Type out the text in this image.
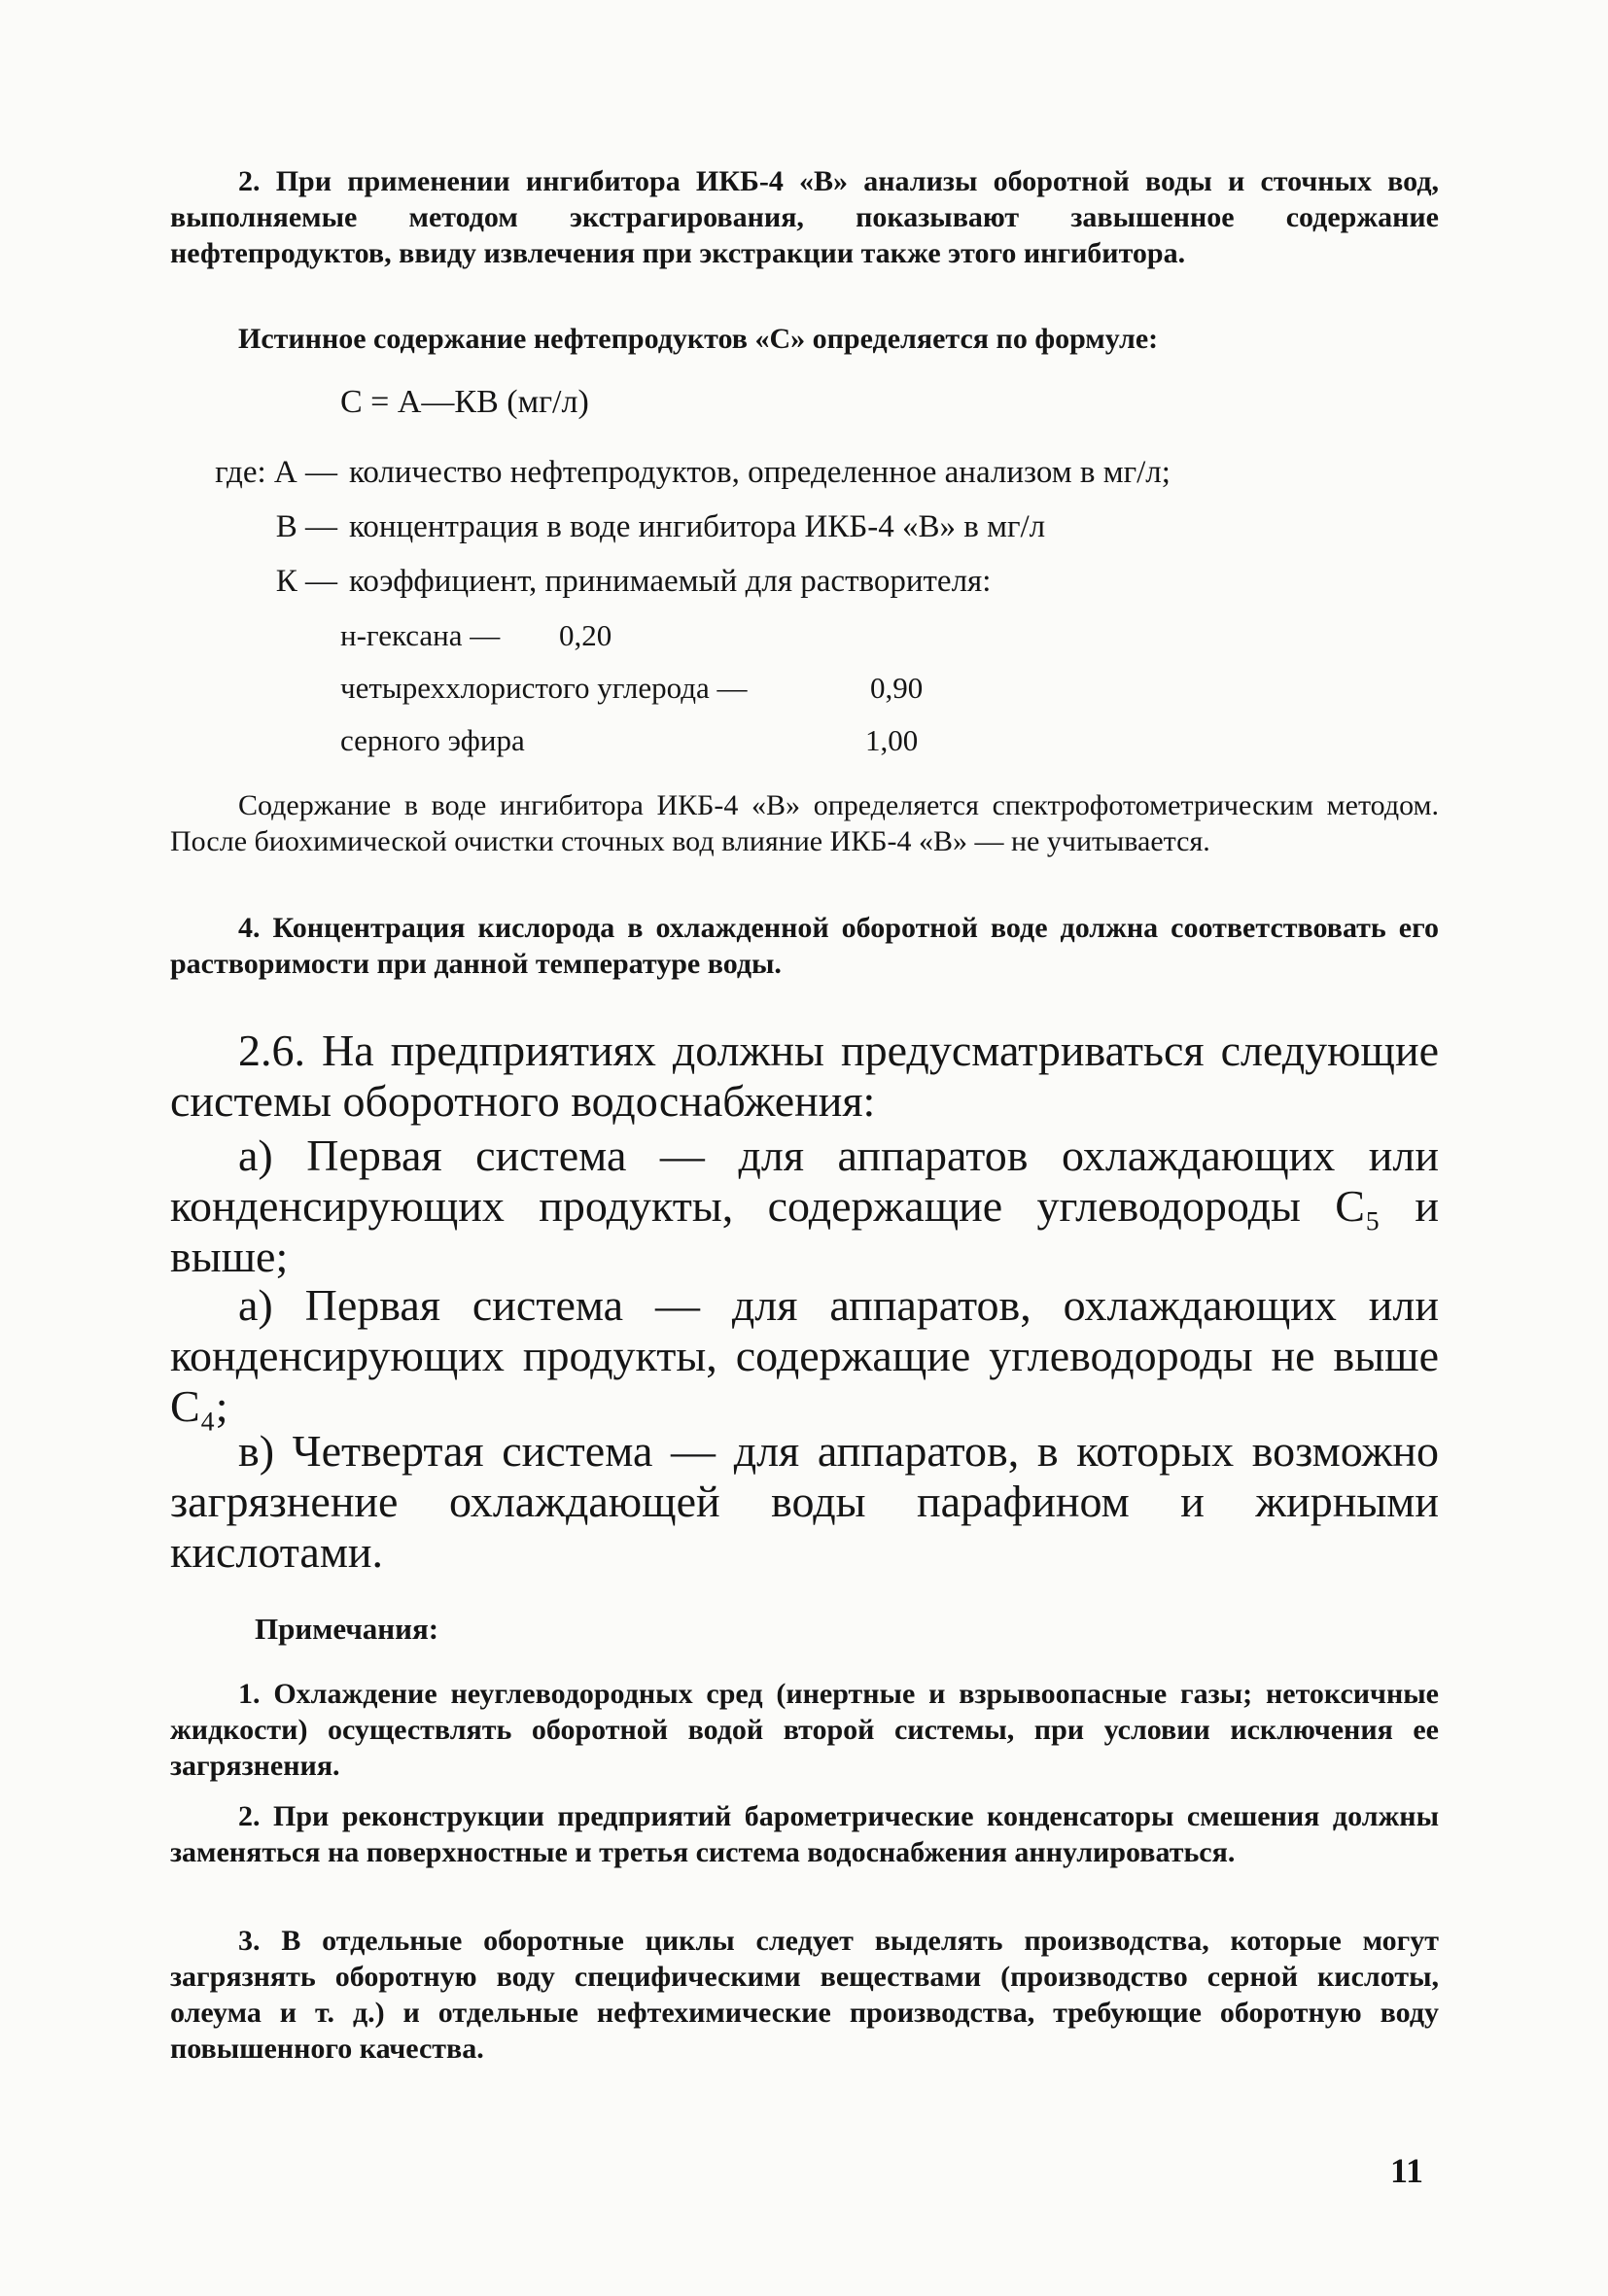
2. При применении ингибитора ИКБ-4 «В» анализы оборотной воды и сточных вод, выполняемые методом экстрагирования, показывают завышенное содержание нефтепродуктов, ввиду извлечения при экстракции также этого ингибитора.
Истинное содержание нефтепродуктов «С» определяется по формуле:
С = А—КВ (мг/л)
где: А — количество нефтепродуктов, определенное анализом в мг/л;
В — концентрация в воде ингибитора ИКБ-4 «В» в мг/л
К — коэффициент, принимаемый для растворителя:
н-гексана — 0,20
четыреххлористого углерода —	0,90
серного эфира	1,00
Содержание в воде ингибитора ИКБ-4 «В» определяется спектрофотометрическим методом. После биохимической очистки сточных вод влияние ИКБ-4 «В» — не учитывается.
4. Концентрация кислорода в охлажденной оборотной воде должна соответствовать его растворимости при данной температуре воды.
2.6. На предприятиях должны предусматриваться следующие системы оборотного водоснабжения:
а) Первая система — для аппаратов охлаждающих или конденсирующих продукты, содержащие углеводороды С₅ и выше;
а) Первая система — для аппаратов, охлаждающих или конденсирующих продукты, содержащие углеводороды не выше С₄;
в) Четвертая система — для аппаратов, в которых возможно загрязнение охлаждающей воды парафином и жирными кислотами.
Примечания:
1. Охлаждение неуглеводородных сред (инертные и взрывоопасные газы; нетоксичные жидкости) осуществлять оборотной водой второй системы, при условии исключения ее загрязнения.
2. При реконструкции предприятий барометрические конденсаторы смешения должны заменяться на поверхностные и третья система водоснабжения аннулироваться.
3. В отдельные оборотные циклы следует выделять производства, которые могут загрязнять оборотную воду специфическими веществами (производство серной кислоты, олеума и т. д.) и отдельные нефтехимические производства, требующие оборотную воду повышенного качества.
11
